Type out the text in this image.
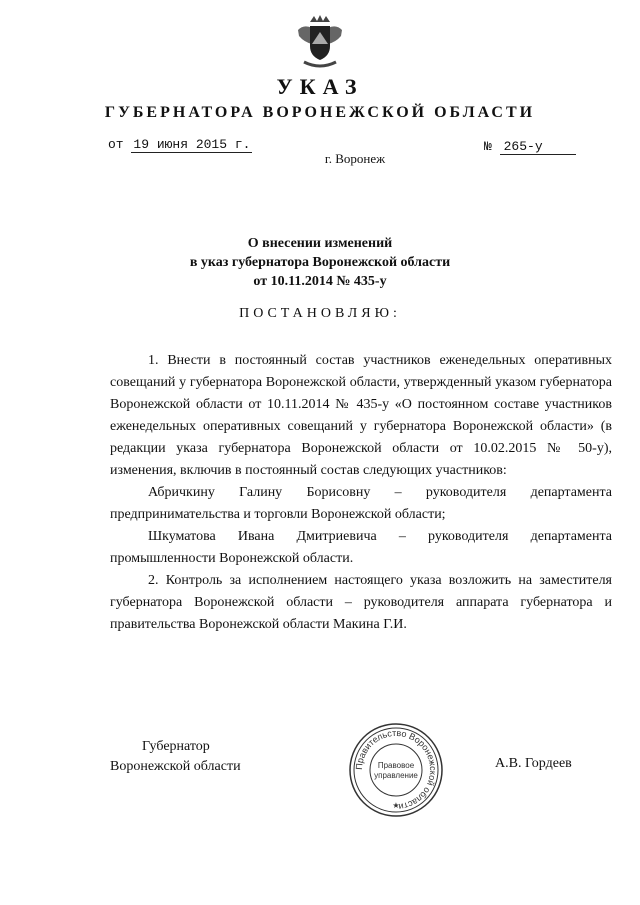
УКАЗ
ГУБЕРНАТОРА ВОРОНЕЖСКОЙ ОБЛАСТИ
от 19 июня 2015 г.	№ 265-у
г. Воронеж
О внесении изменений
в указ губернатора Воронежской области
от 10.11.2014 № 435-у
ПОСТАНОВЛЯЮ:

1. Внести в постоянный состав участников еженедельных оперативных совещаний у губернатора Воронежской области, утвержденный указом губернатора Воронежской области от 10.11.2014 № 435-у «О постоянном составе участников еженедельных оперативных совещаний у губернатора Воронежской области» (в редакции указа губернатора Воронежской области от 10.02.2015 № 50-у), изменения, включив в постоянный состав следующих участников:

Абричкину Галину Борисовну – руководителя департамента предпринимательства и торговли Воронежской области;

Шкуматова Ивана Дмитриевича – руководителя департамента промышленности Воронежской области.

2. Контроль за исполнением настоящего указа возложить на заместителя губернатора Воронежской области – руководителя аппарата губернатора и правительства Воронежской области Макина Г.И.

Губернатор
Воронежской области	Правительство Воронежской области
Правовое
управление
★
А.В. Гордеев
